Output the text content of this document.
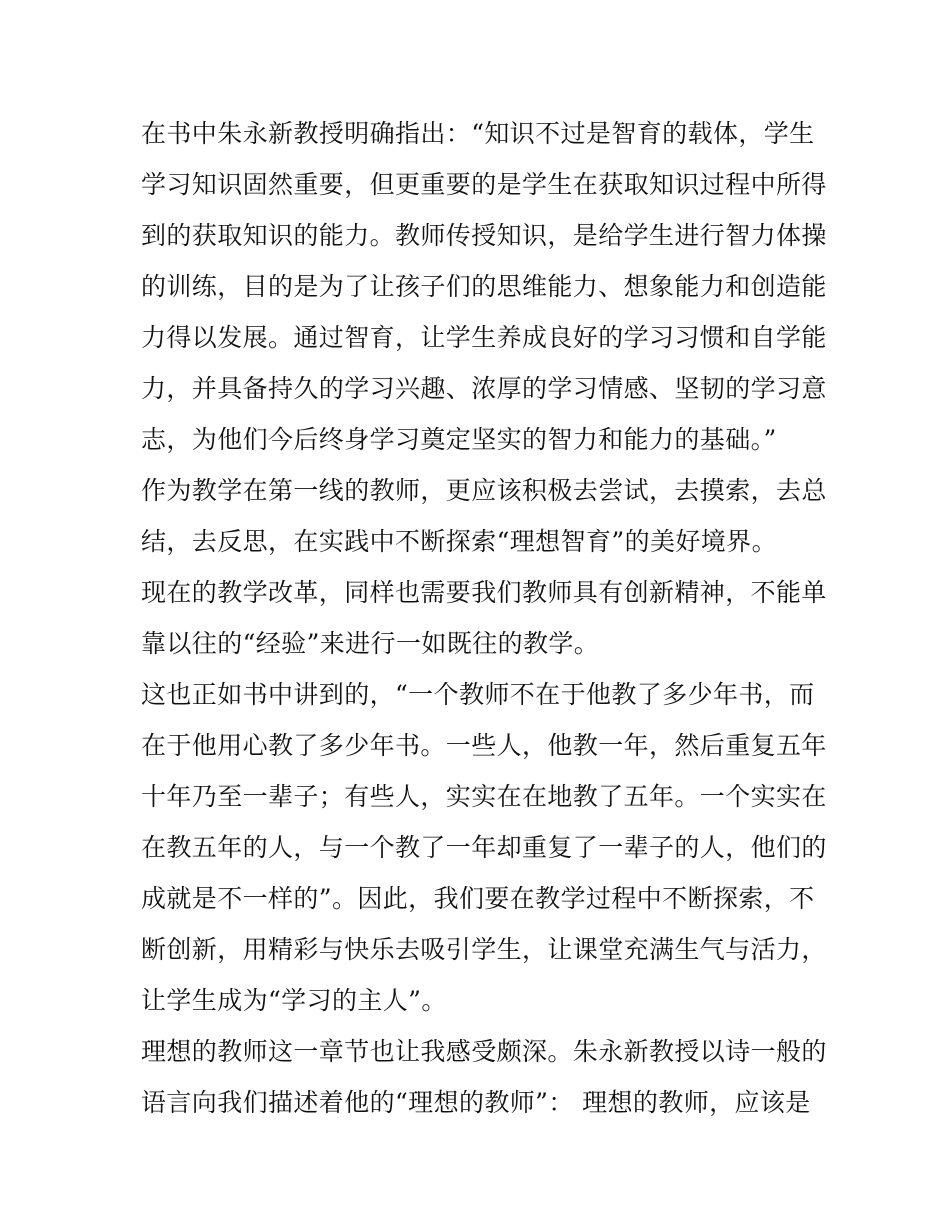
在书中朱永新教授明确指出：“知识不过是智育的载体，学生
学习知识固然重要，但更重要的是学生在获取知识过程中所得
到的获取知识的能力。教师传授知识，是给学生进行智力体操
的训练，目的是为了让孩子们的思维能力、想象能力和创造能
力得以发展。通过智育，让学生养成良好的学习习惯和自学能
力，并具备持久的学习兴趣、浓厚的学习情感、坚韧的学习意
志，为他们今后终身学习奠定坚实的智力和能力的基础。”
作为教学在第一线的教师，更应该积极去尝试，去摸索，去总
结，去反思，在实践中不断探索“理想智育”的美好境界。
现在的教学改革，同样也需要我们教师具有创新精神，不能单
靠以往的“经验”来进行一如既往的教学。
这也正如书中讲到的，“一个教师不在于他教了多少年书，而
在于他用心教了多少年书。一些人，他教一年，然后重复五年
十年乃至一辈子；有些人，实实在在地教了五年。一个实实在
在教五年的人，与一个教了一年却重复了一辈子的人，他们的
成就是不一样的”。因此，我们要在教学过程中不断探索，不
断创新，用精彩与快乐去吸引学生，让课堂充满生气与活力，
让学生成为“学习的主人”。
理想的教师这一章节也让我感受颇深。朱永新教授以诗一般的
语言向我们描述着他的“理想的教师”： 理想的教师，应该是
